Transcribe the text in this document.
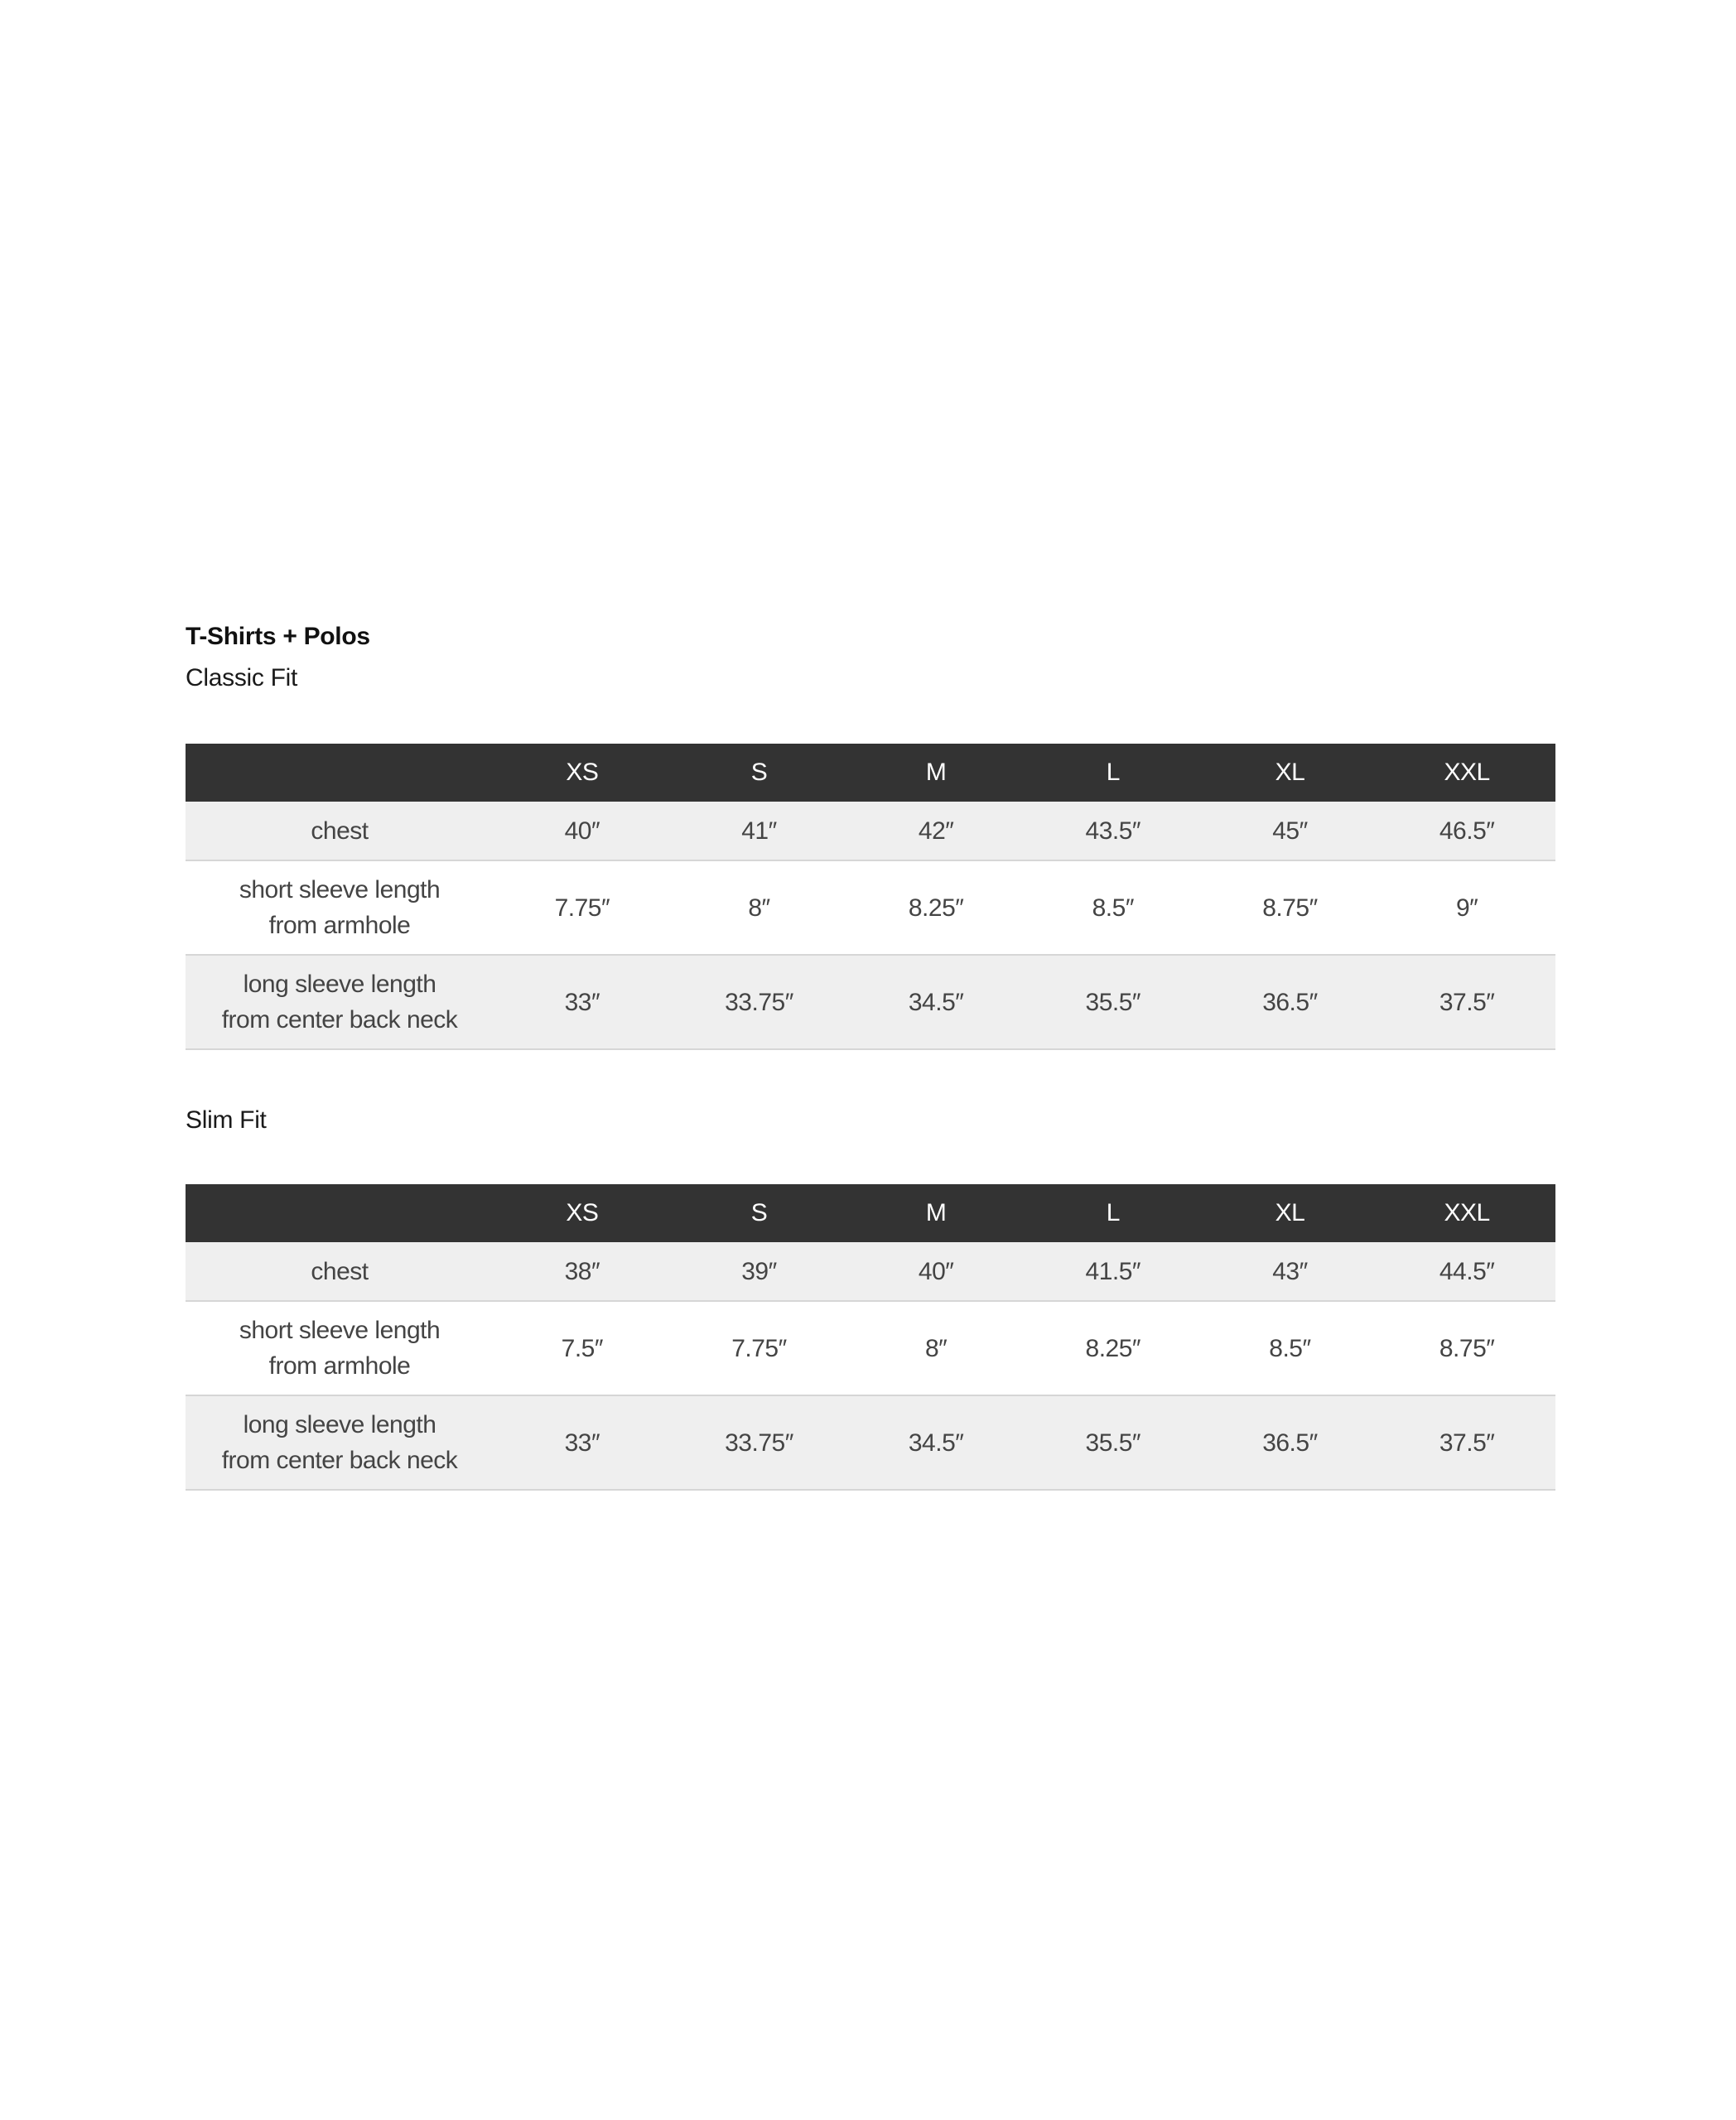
T-Shirts + Polos
Classic Fit
	XS	S	M	L	XL	XXL

chest	40″	41″	42″	43.5″	45″	46.5″

short sleeve length
from armhole	7.75″	8″	8.25″	8.5″	8.75″	9″

long sleeve length
from center back neck	33″	33.75″	34.5″	35.5″	36.5″	37.5″
Slim Fit
	XS	S	M	L	XL	XXL

chest	38″	39″	40″	41.5″	43″	44.5″

short sleeve length
from armhole	7.5″	7.75″	8″	8.25″	8.5″	8.75″

long sleeve length
from center back neck	33″	33.75″	34.5″	35.5″	36.5″	37.5″
